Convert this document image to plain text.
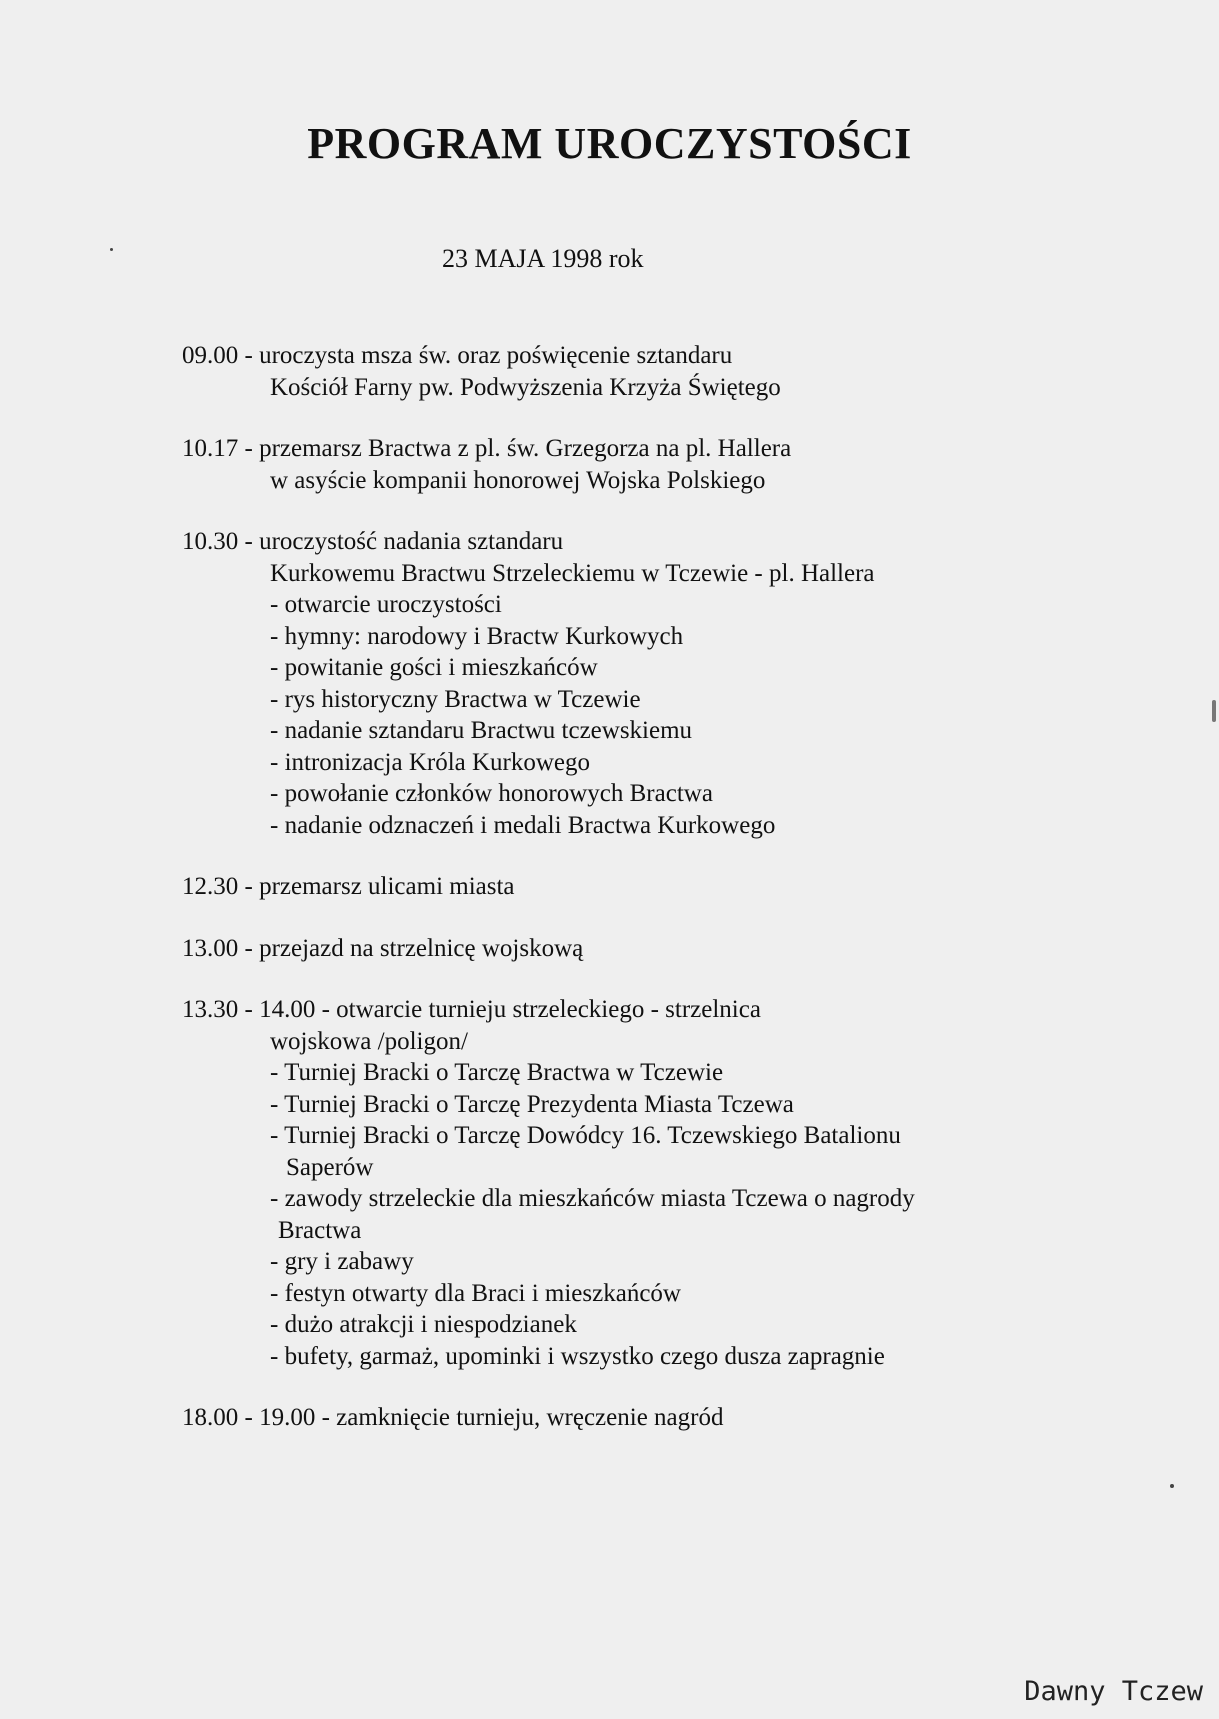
PROGRAM UROCZYSTOŚCI
23 MAJA 1998 rok
09.00 - uroczysta msza św. oraz poświęcenie sztandaru
Kościół Farny pw. Podwyższenia Krzyża Świętego
10.17 - przemarsz Bractwa z pl. św. Grzegorza na pl. Hallera
w asyście kompanii honorowej Wojska Polskiego
10.30 - uroczystość nadania sztandaru
Kurkowemu Bractwu Strzeleckiemu w Tczewie - pl. Hallera
- otwarcie uroczystości
- hymny: narodowy i Bractw Kurkowych
- powitanie gości i mieszkańców
- rys historyczny Bractwa w Tczewie
- nadanie sztandaru Bractwu tczewskiemu
- intronizacja Króla Kurkowego
- powołanie członków honorowych Bractwa
- nadanie odznaczeń i medali Bractwa Kurkowego
12.30 - przemarsz ulicami miasta
13.00 - przejazd na strzelnicę wojskową
13.30 - 14.00 - otwarcie turnieju strzeleckiego - strzelnica
wojskowa /poligon/
- Turniej Bracki o Tarczę Bractwa w Tczewie
- Turniej Bracki o Tarczę Prezydenta Miasta Tczewa
- Turniej Bracki o Tarczę Dowódcy 16. Tczewskiego Batalionu
Saperów
- zawody strzeleckie dla mieszkańców miasta Tczewa o nagrody
Bractwa
- gry i zabawy
- festyn otwarty dla Braci i mieszkańców
- dużo atrakcji i niespodzianek
- bufety, garmaż, upominki i wszystko czego dusza zapragnie
18.00 - 19.00 - zamknięcie turnieju, wręczenie nagród
Dawny Tczew
